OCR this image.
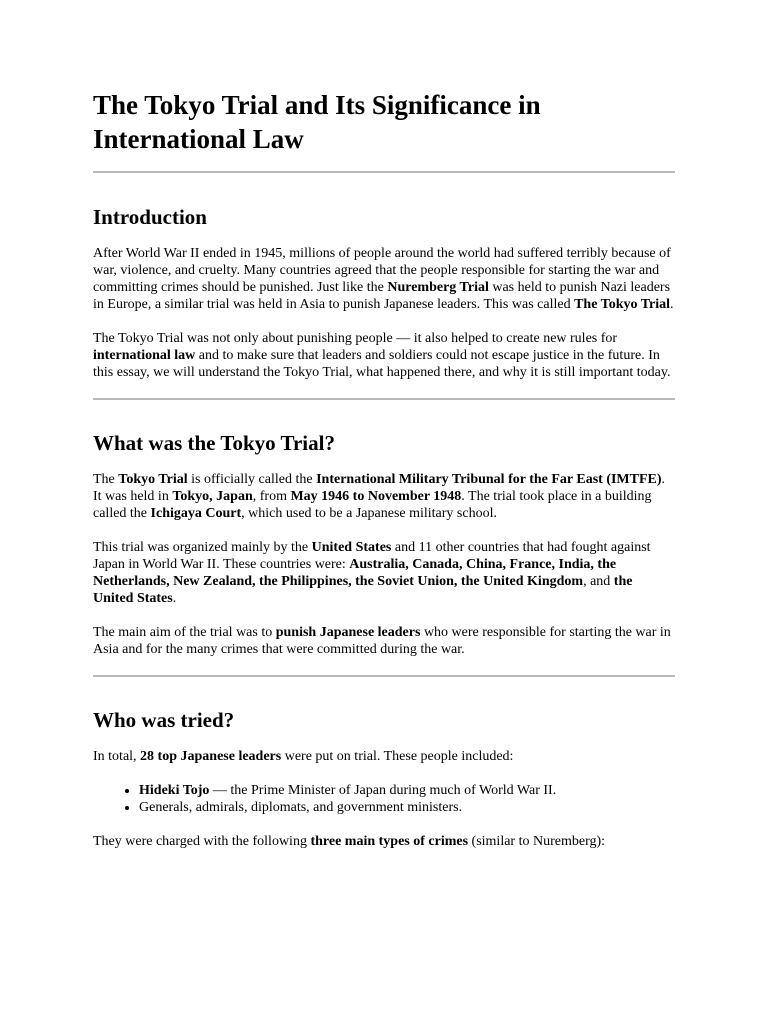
The Tokyo Trial and Its Significance in International Law
Introduction

After World War II ended in 1945, millions of people around the world had suffered terribly because of war, violence, and cruelty. Many countries agreed that the people responsible for starting the war and committing crimes should be punished. Just like the Nuremberg Trial was held to punish Nazi leaders in Europe, a similar trial was held in Asia to punish Japanese leaders. This was called The Tokyo Trial.

The Tokyo Trial was not only about punishing people — it also helped to create new rules for international law and to make sure that leaders and soldiers could not escape justice in the future. In this essay, we will understand the Tokyo Trial, what happened there, and why it is still important today.

What was the Tokyo Trial?

The Tokyo Trial is officially called the International Military Tribunal for the Far East (IMTFE). It was held in Tokyo, Japan, from May 1946 to November 1948. The trial took place in a building called the Ichigaya Court, which used to be a Japanese military school.

This trial was organized mainly by the United States and 11 other countries that had fought against Japan in World War II. These countries were: Australia, Canada, China, France, India, the Netherlands, New Zealand, the Philippines, the Soviet Union, the United Kingdom, and the United States.

The main aim of the trial was to punish Japanese leaders who were responsible for starting the war in Asia and for the many crimes that were committed during the war.

Who was tried?

In total, 28 top Japanese leaders were put on trial. These people included:

• Hideki Tojo — the Prime Minister of Japan during much of World War II.
• Generals, admirals, diplomats, and government ministers.

They were charged with the following three main types of crimes (similar to Nuremberg):
